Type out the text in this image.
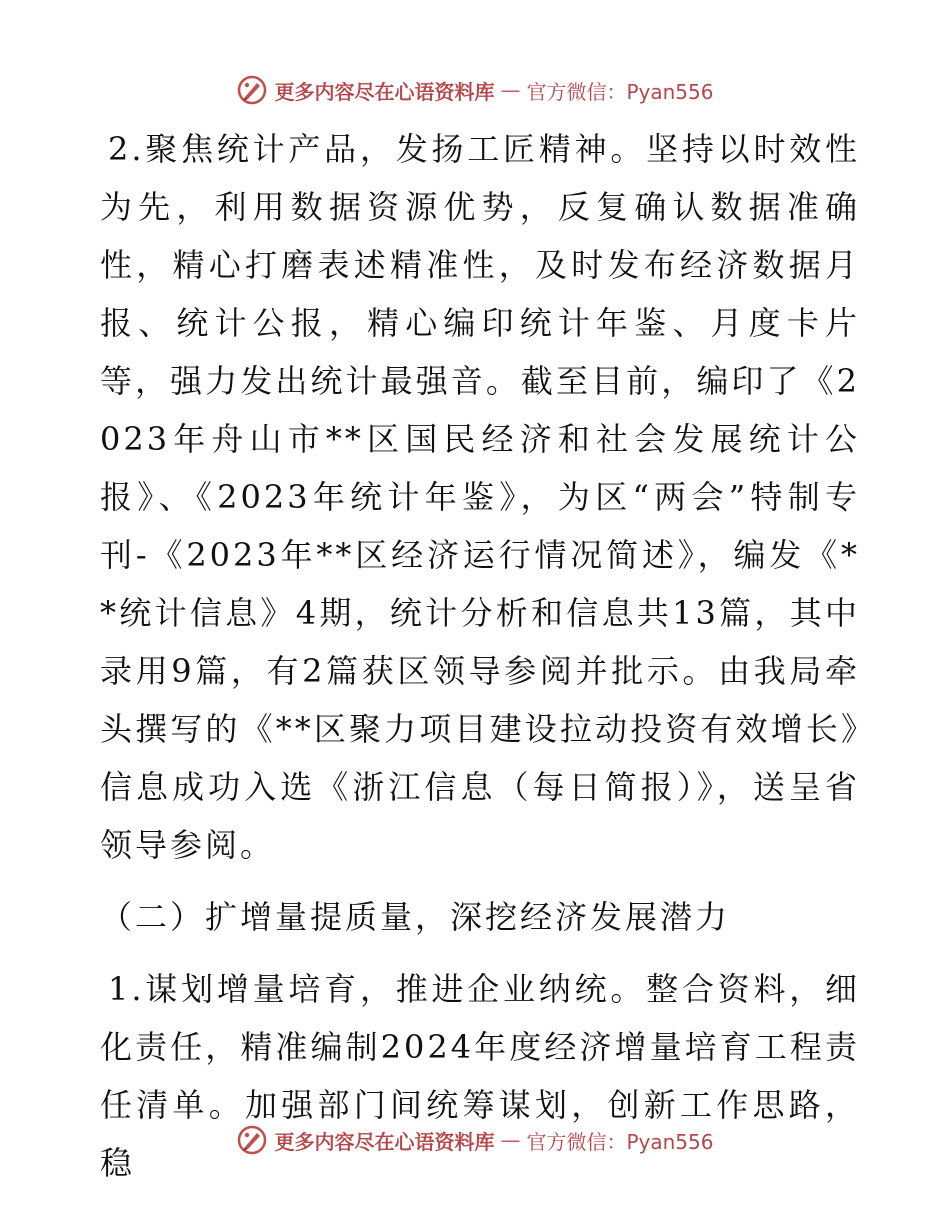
更多内容尽在心语资料库 — 官方微信：Pyan556

2.聚焦统计产品，发扬工匠精神。坚持以时效性为先，利用数据资源优势，反复确认数据准确性，精心打磨表述精准性，及时发布经济数据月报、统计公报，精心编印统计年鉴、月度卡片等，强力发出统计最强音。截至目前，编印了《2023年舟山市**区国民经济和社会发展统计公报》、《2023年统计年鉴》，为区“两会”特制专刊-《2023年**区经济运行情况简述》，编发《**统计信息》4期，统计分析和信息共13篇，其中录用9篇，有2篇获区领导参阅并批示。由我局牵头撰写的《**区聚力项目建设拉动投资有效增长》信息成功入选《浙江信息（每日简报）》，送呈省领导参阅。

（二）扩增量提质量，深挖经济发展潜力

1.谋划增量培育，推进企业纳统。整合资料，细化责任，精准编制2024年度经济增量培育工程责任清单。加强部门间统筹谋划，创新工作思路，稳

更多内容尽在心语资料库 — 官方微信：Pyan556
